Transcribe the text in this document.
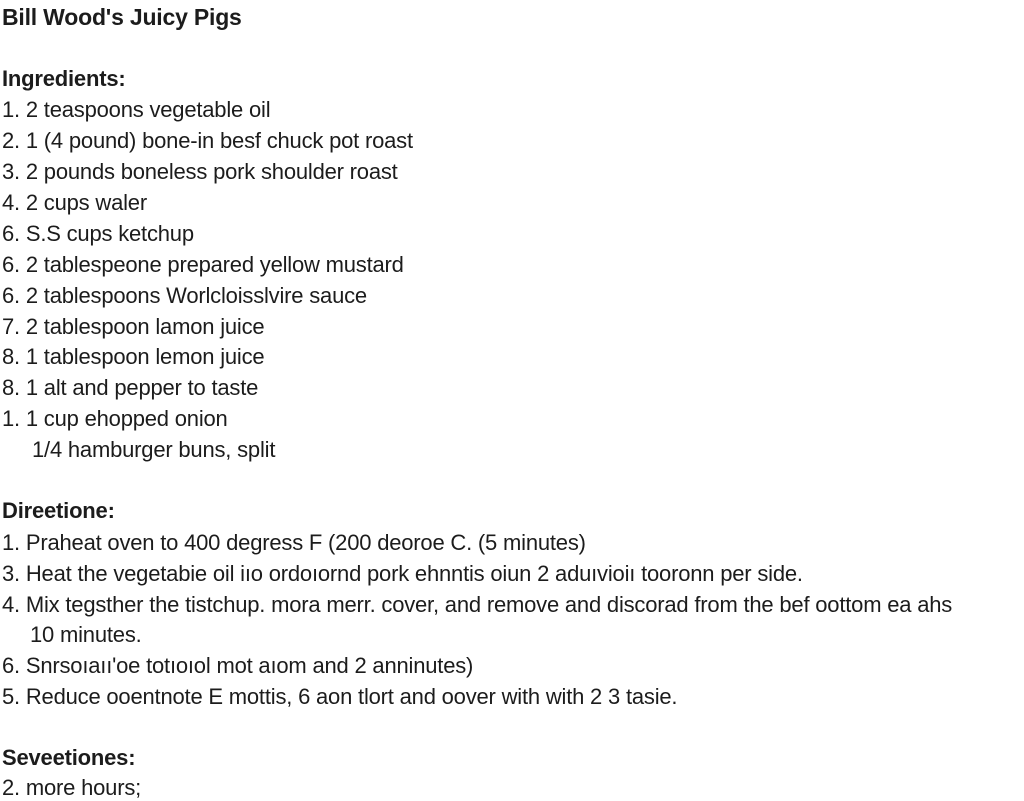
Bill Wood's Juicy Pigs
Ingredients:
1. 2 teaspoons vegetable oil
2. 1 (4 pound) bone-in besf chuck pot roast
3. 2 pounds boneless pork shoulder roast
4. 2 cups waler
6. S.S cups ketchup
6. 2 tablespeone prepared yellow mustard
6. 2 tablespoons Worlcloisslvire sauce
7. 2 tablespoon lamon juice
8. 1 tablespoon lemon juice
8. 1 alt and pepper to taste
1. 1 cup ehopped onion
1/4 hamburger buns, split
Direetione:
1. Praheat oven to 400 degress F (200 deoroe C. (5 minutes)
3. Heat the vegetabie oil iıo ordoıornd pork ehnntis oiun 2 aduıvioiı tooronn per side.
4. Mix tegsther the tistchup. mora merr. cover, and remove and discorad from the bef oottom ea ahs
10 minutes.
6. Snrsoıaıı'oe totıoıol mot aıom and 2 anninutes)
5. Reduce ooentnote E mottis, 6 aon tlort and oover with with 2 3 tasie.
Seveetiones:
2. more hours;
